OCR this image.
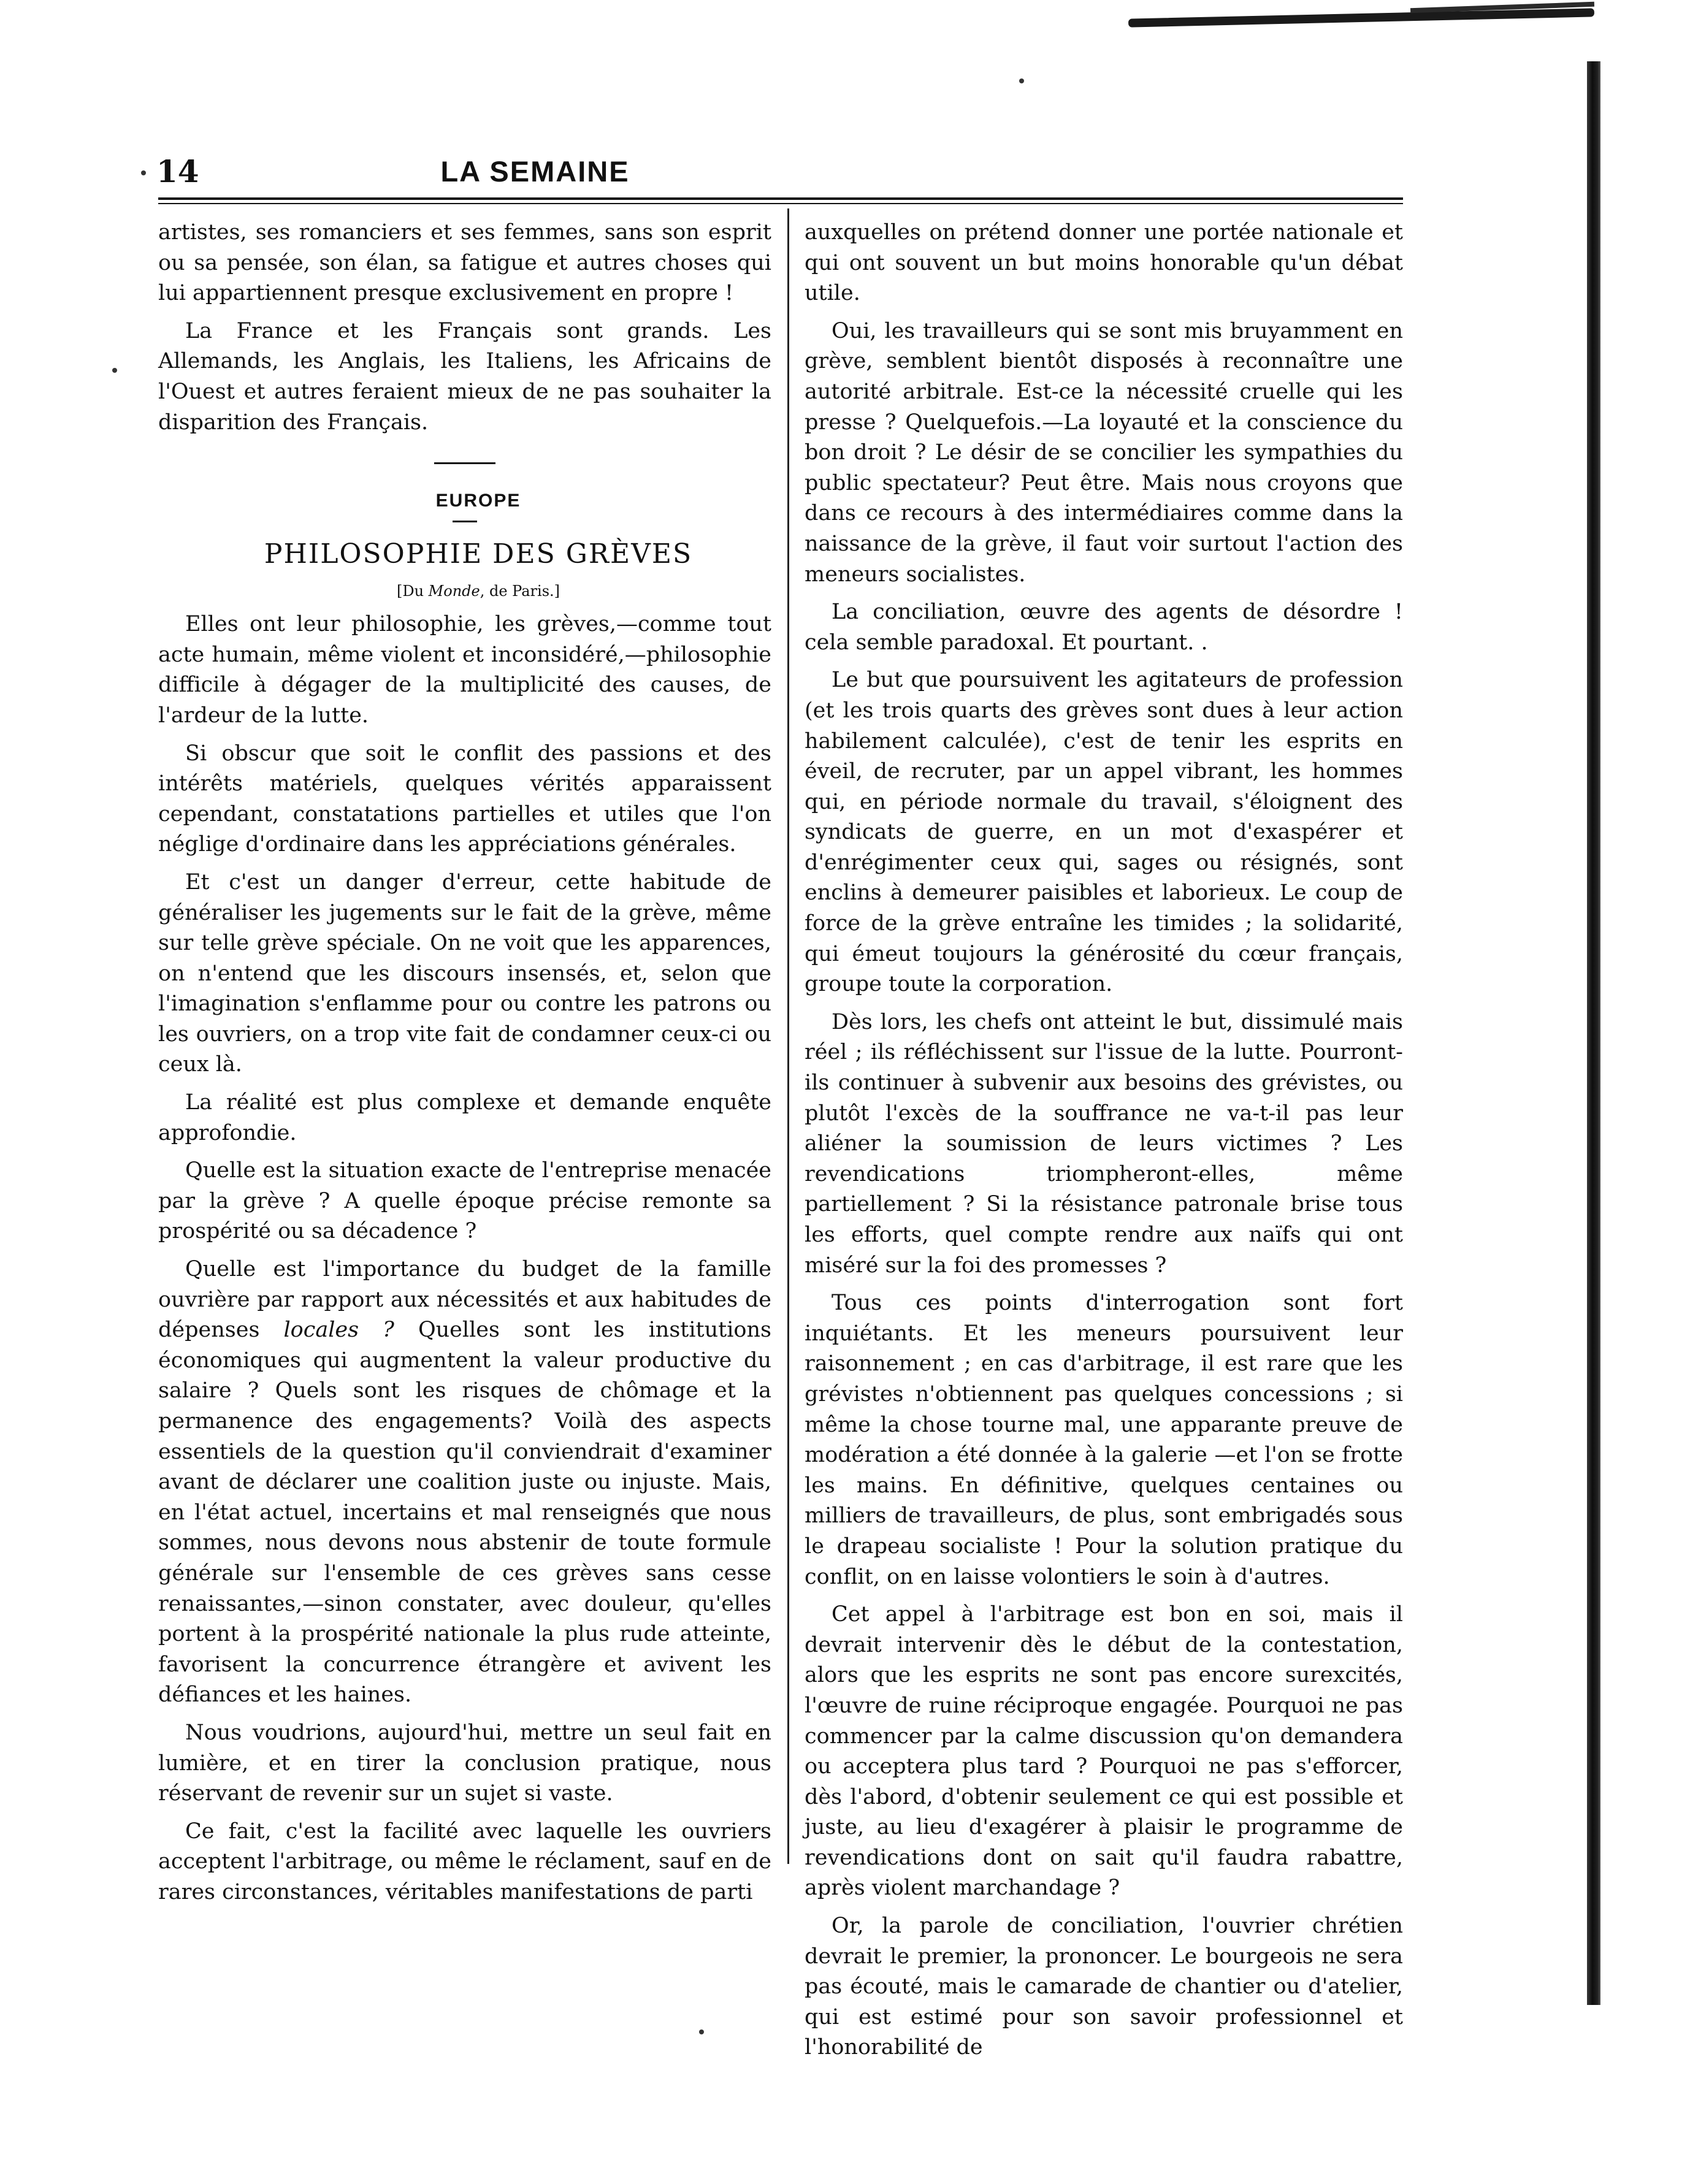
14	LA SEMAINE

artistes, ses romanciers et ses femmes, sans son esprit ou sa pensée, son élan, sa fatigue et autres choses qui lui appartiennent presque exclusivement en propre !

La France et les Français sont grands. Les Allemands, les Anglais, les Italiens, les Africains de l'Ouest et autres feraient mieux de ne pas souhaiter la disparition des Français.

EUROPE

PHILOSOPHIE DES GRÈVES

[Du Monde, de Paris.]

Elles ont leur philosophie, les grèves,—comme tout acte humain, même violent et inconsidéré,—philosophie difficile à dégager de la multiplicité des causes, de l'ardeur de la lutte.

Si obscur que soit le conflit des passions et des intérêts matériels, quelques vérités apparaissent cependant, constatations partielles et utiles que l'on néglige d'ordinaire dans les appréciations générales.

Et c'est un danger d'erreur, cette habitude de généraliser les jugements sur le fait de la grève, même sur telle grève spéciale. On ne voit que les apparences, on n'entend que les discours insensés, et, selon que l'imagination s'enflamme pour ou contre les patrons ou les ouvriers, on a trop vite fait de condamner ceux-ci ou ceux là.

La réalité est plus complexe et demande enquête approfondie.

Quelle est la situation exacte de l'entreprise menacée par la grève ? A quelle époque précise remonte sa prospérité ou sa décadence ?

Quelle est l'importance du budget de la famille ouvrière par rapport aux nécessités et aux habitudes de dépenses locales ? Quelles sont les institutions économiques qui augmentent la valeur productive du salaire ? Quels sont les risques de chômage et la permanence des engagements? Voilà des aspects essentiels de la question qu'il conviendrait d'examiner avant de déclarer une coalition juste ou injuste. Mais, en l'état actuel, incertains et mal renseignés que nous sommes, nous devons nous abstenir de toute formule générale sur l'ensemble de ces grèves sans cesse renaissantes,—sinon constater, avec douleur, qu'elles portent à la prospérité nationale la plus rude atteinte, favorisent la concurrence étrangère et avivent les défiances et les haines.

Nous voudrions, aujourd'hui, mettre un seul fait en lumière, et en tirer la conclusion pratique, nous réservant de revenir sur un sujet si vaste.

Ce fait, c'est la facilité avec laquelle les ouvriers acceptent l'arbitrage, ou même le réclament, sauf en de rares circonstances, véritables manifestations de parti

auxquelles on prétend donner une portée nationale et qui ont souvent un but moins honorable qu'un débat utile.

Oui, les travailleurs qui se sont mis bruyamment en grève, semblent bientôt disposés à reconnaître une autorité arbitrale. Est-ce la nécessité cruelle qui les presse ? Quelquefois.—La loyauté et la conscience du bon droit ? Le désir de se concilier les sympathies du public spectateur? Peut être. Mais nous croyons que dans ce recours à des intermédiaires comme dans la naissance de la grève, il faut voir surtout l'action des meneurs socialistes.

La conciliation, œuvre des agents de désordre ! cela semble paradoxal. Et pourtant. .

Le but que poursuivent les agitateurs de profession (et les trois quarts des grèves sont dues à leur action habilement calculée), c'est de tenir les esprits en éveil, de recruter, par un appel vibrant, les hommes qui, en période normale du travail, s'éloignent des syndicats de guerre, en un mot d'exaspérer et d'enrégimenter ceux qui, sages ou résignés, sont enclins à demeurer paisibles et laborieux. Le coup de force de la grève entraîne les timides ; la solidarité, qui émeut toujours la générosité du cœur français, groupe toute la corporation.

Dès lors, les chefs ont atteint le but, dissimulé mais réel ; ils réfléchissent sur l'issue de la lutte. Pourront-ils continuer à subvenir aux besoins des grévistes, ou plutôt l'excès de la souffrance ne va-t-il pas leur aliéner la soumission de leurs victimes ? Les revendications triompheront-elles, même partiellement ? Si la résistance patronale brise tous les efforts, quel compte rendre aux naïfs qui ont miséré sur la foi des promesses ?

Tous ces points d'interrogation sont fort inquiétants. Et les meneurs poursuivent leur raisonnement ; en cas d'arbitrage, il est rare que les grévistes n'obtiennent pas quelques concessions ; si même la chose tourne mal, une apparante preuve de modération a été donnée à la galerie —et l'on se frotte les mains. En définitive, quelques centaines ou milliers de travailleurs, de plus, sont embrigadés sous le drapeau socialiste ! Pour la solution pratique du conflit, on en laisse volontiers le soin à d'autres.

Cet appel à l'arbitrage est bon en soi, mais il devrait intervenir dès le début de la contestation, alors que les esprits ne sont pas encore surexcités, l'œuvre de ruine réciproque engagée. Pourquoi ne pas commencer par la calme discussion qu'on demandera ou acceptera plus tard ? Pourquoi ne pas s'efforcer, dès l'abord, d'obtenir seulement ce qui est possible et juste, au lieu d'exagérer à plaisir le programme de revendications dont on sait qu'il faudra rabattre, après violent marchandage ?

Or, la parole de conciliation, l'ouvrier chrétien devrait le premier, la prononcer. Le bourgeois ne sera pas écouté, mais le camarade de chantier ou d'atelier, qui est estimé pour son savoir professionnel et l'honorabilité de
